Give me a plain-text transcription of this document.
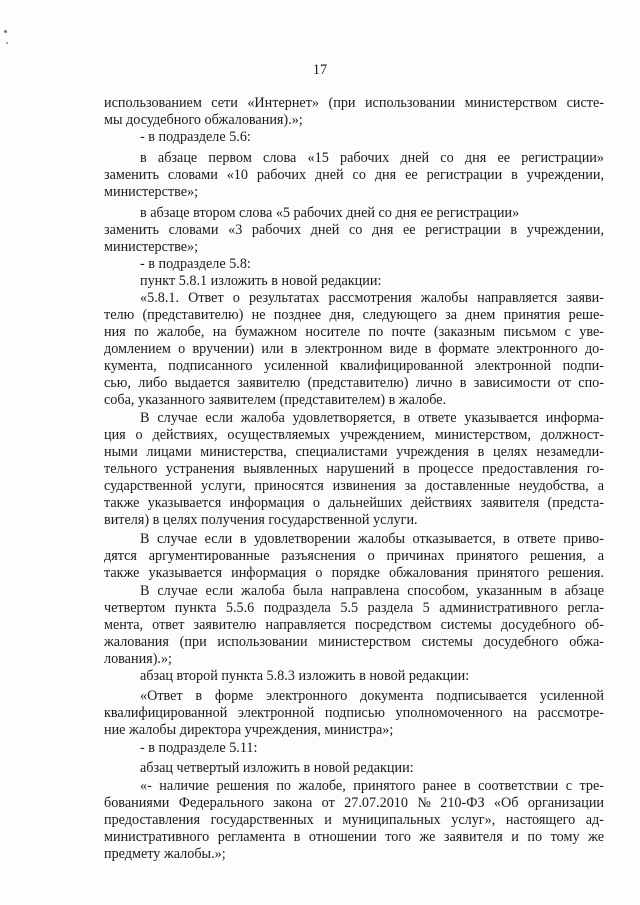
17
использованием сети «Интернет» (при использовании министерством систе-
мы досудебного обжалования).»;
- в подразделе 5.6:
в абзаце первом слова «15 рабочих дней со дня ее регистрации»
заменить словами «10 рабочих дней со дня ее регистрации в учреждении,
министерстве»;
в абзаце втором слова «5 рабочих дней со дня ее регистрации»
заменить словами «3 рабочих дней со дня ее регистрации в учреждении,
министерстве»;
- в подразделе 5.8:
пункт 5.8.1 изложить в новой редакции:
«5.8.1. Ответ о результатах рассмотрения жалобы направляется заяви-
телю (представителю) не позднее дня, следующего за днем принятия реше-
ния по жалобе, на бумажном носителе по почте (заказным письмом с уве-
домлением о вручении) или в электронном виде в формате электронного до-
кумента, подписанного усиленной квалифицированной электронной подпи-
сью, либо выдается заявителю (представителю) лично в зависимости от спо-
соба, указанного заявителем (представителем) в жалобе.
В случае если жалоба удовлетворяется, в ответе указывается информа-
ция о действиях, осуществляемых учреждением, министерством, должност-
ными лицами министерства, специалистами учреждения в целях незамедли-
тельного устранения выявленных нарушений в процессе предоставления го-
сударственной услуги, приносятся извинения за доставленные неудобства, а
также указывается информация о дальнейших действиях заявителя (предста-
вителя) в целях получения государственной услуги.
В случае если в удовлетворении жалобы отказывается, в ответе приво-
дятся аргументированные разъяснения о причинах принятого решения, а
также указывается информация о порядке обжалования принятого решения.
В случае если жалоба была направлена способом, указанным в абзаце
четвертом пункта 5.5.6 подраздела 5.5 раздела 5 административного регла-
мента, ответ заявителю направляется посредством системы досудебного об-
жалования (при использовании министерством системы досудебного обжа-
лования).»;
абзац второй пункта 5.8.3 изложить в новой редакции:
«Ответ в форме электронного документа подписывается усиленной
квалифицированной электронной подписью уполномоченного на рассмотре-
ние жалобы директора учреждения, министра»;
- в подразделе 5.11:
абзац четвертый изложить в новой редакции:
«- наличие решения по жалобе, принятого ранее в соответствии с тре-
бованиями Федерального закона от 27.07.2010 № 210-ФЗ «Об организации
предоставления государственных и муниципальных услуг», настоящего ад-
министративного регламента в отношении того же заявителя и по тому же
предмету жалобы.»;
